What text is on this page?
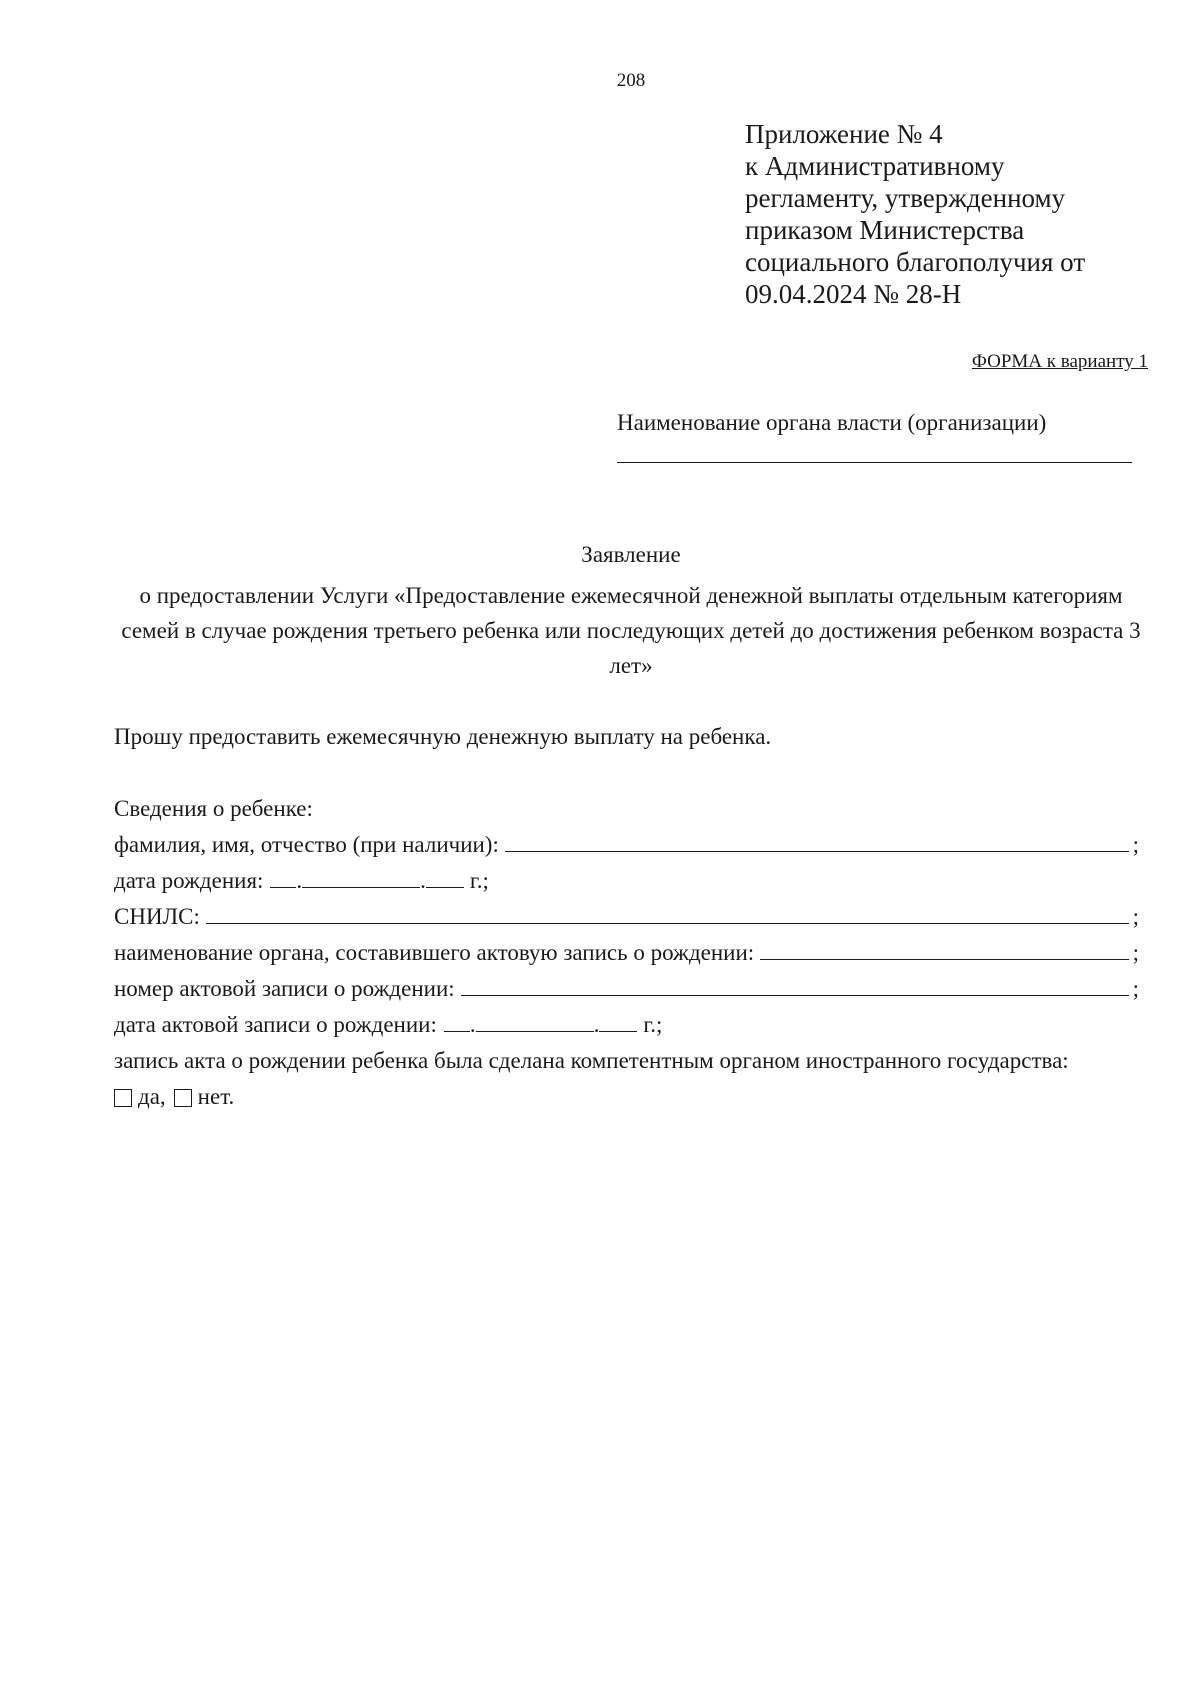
208
Приложение № 4
к Административному
регламенту, утвержденному
приказом Министерства
социального благополучия от
09.04.2024 № 28-Н
ФОРМА к варианту 1
Наименование органа власти (организации)
Заявление
о предоставлении Услуги «Предоставление ежемесячной денежной выплаты отдельным категориям семей в случае рождения третьего ребенка или последующих детей до достижения ребенком возраста 3 лет»
Прошу предоставить ежемесячную денежную выплату на ребенка.
Сведения о ребенке:
фамилия, имя, отчество (при наличии):	;
дата рождения: .	. г.;
СНИЛС:	;
наименование органа, составившего актовую запись о рождении:	;
номер актовой записи о рождении:	;
дата актовой записи о рождении: .	. г.;
запись акта о рождении ребенка была сделана компетентным органом иностранного государства:
да, нет.
